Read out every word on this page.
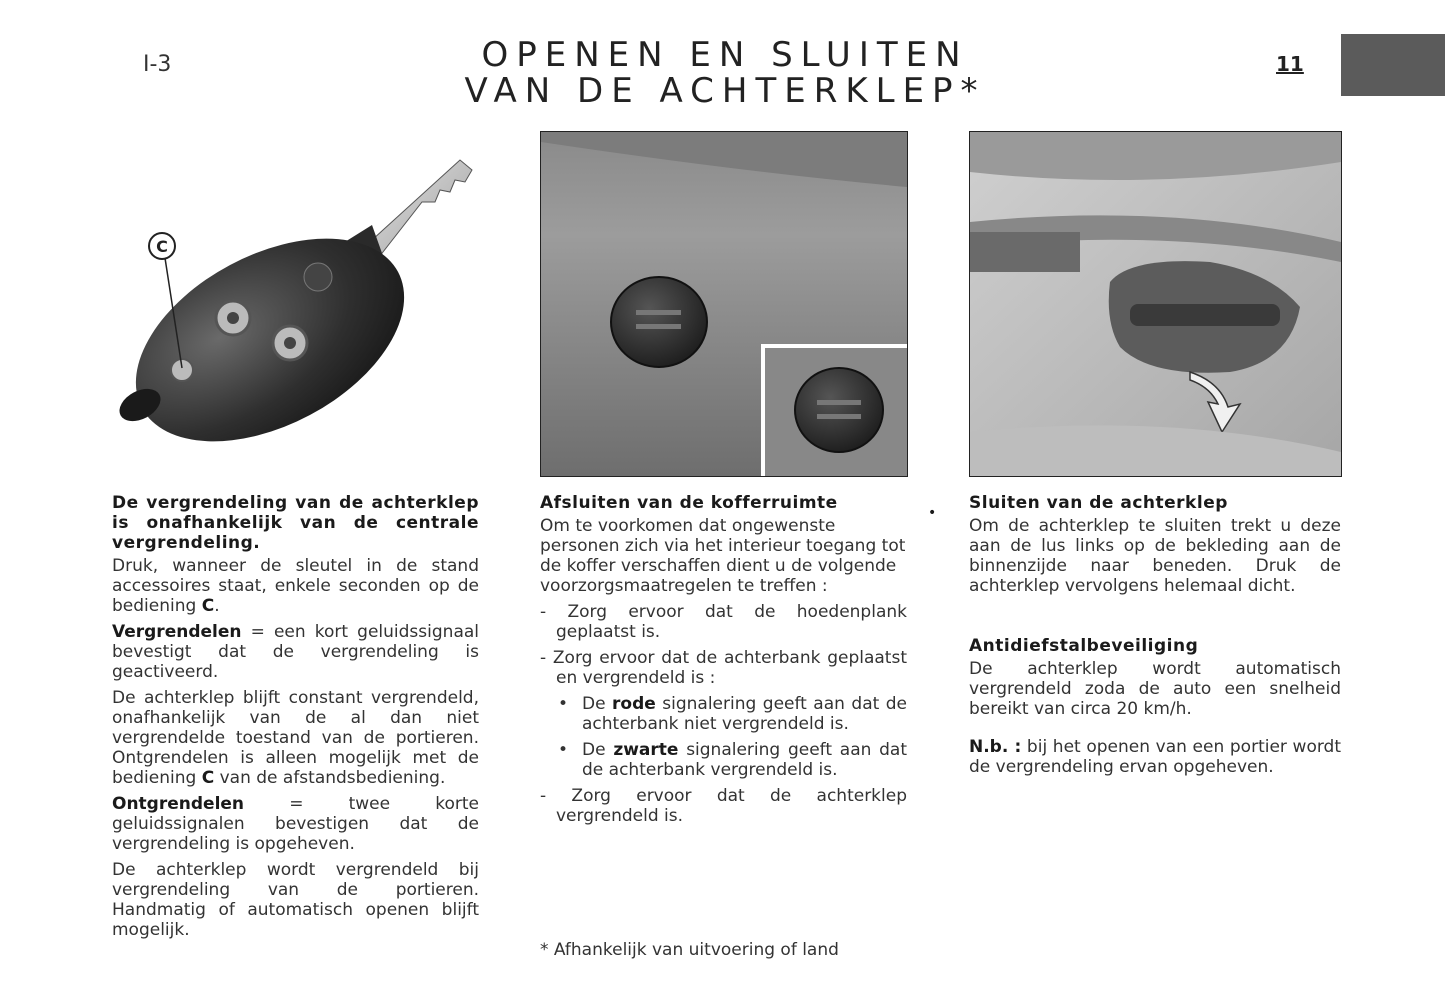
I-3	OPENEN EN SLUITEN
VAN DE ACHTERKLEP*
11
C
•
De vergrendeling van de achterklep is onafhankelijk van de centrale vergrendeling.

Druk, wanneer de sleutel in de stand accessoires staat, enkele seconden op de bediening C.

Vergrendelen = een kort geluidssignaal bevestigt dat de vergrendeling is geactiveerd.

De achterklep blijft constant vergrendeld, onafhankelijk van de al dan niet vergrendelde toestand van de portieren. Ontgrendelen is alleen mogelijk met de bediening C van de afstandsbediening.

Ontgrendelen = twee korte geluidssignalen bevestigen dat de vergrendeling is opgeheven.

De achterklep wordt vergrendeld bij vergrendeling van de portieren. Handmatig of automatisch openen blijft mogelijk.

Afsluiten van de kofferruimte

Om te voorkomen dat ongewenste personen zich via het interieur toegang tot de koffer verschaffen dient u de volgende voorzorgsmaatregelen te treffen :

- Zorg ervoor dat de hoedenplank geplaatst is.

- Zorg ervoor dat de achterbank geplaatst en vergrendeld is :

• De rode signalering geeft aan dat de achterbank niet vergrendeld is.

• De zwarte signalering geeft aan dat de achterbank vergrendeld is.

- Zorg ervoor dat de achterklep vergrendeld is.

* Afhankelijk van uitvoering of land
Sluiten van de achterklep

Om de achterklep te sluiten trekt u deze aan de lus links op de bekleding aan de binnenzijde naar beneden. Druk de achterklep vervolgens helemaal dicht.

Antidiefstalbeveiliging

De achterklep wordt automatisch vergrendeld zoda de auto een snelheid bereikt van circa 20 km/h.

N.b. : bij het openen van een portier wordt de vergrendeling ervan opgeheven.
